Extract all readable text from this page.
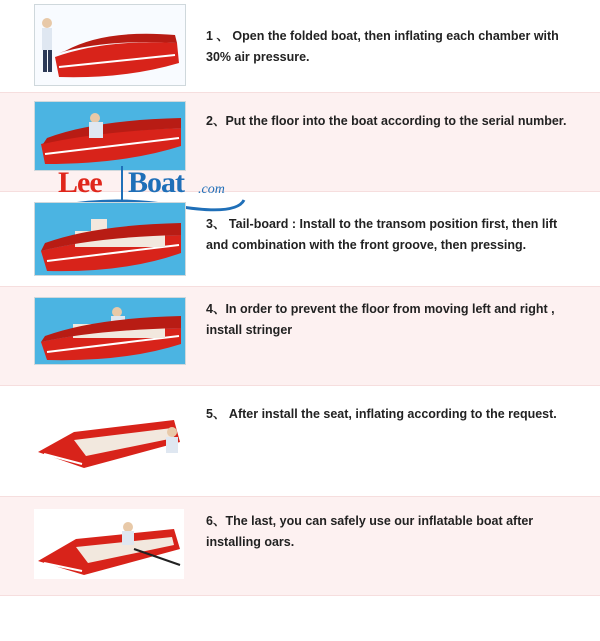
1 、 Open the folded boat, then inflating each chamber with 30% air pressure.
2、Put the floor into the boat according to the serial number.
Lee Boat .com
3、 Tail-board : Install to the transom position first, then lift and combination with the front groove, then pressing.
4、In order to prevent the floor from moving left and right , install stringer
5、 After install the seat, inflating according to the request.
6、The last, you can safely use our inflatable boat after installing oars.
